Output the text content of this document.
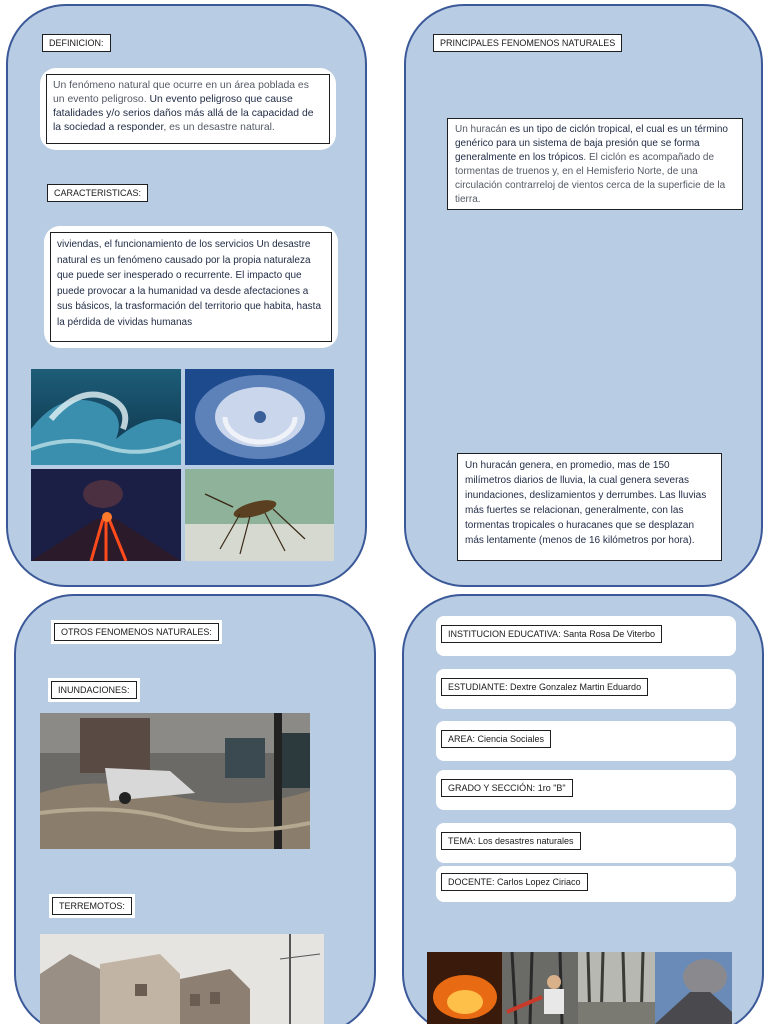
DEFINICION:
Un fenómeno natural que ocurre en un área poblada es un evento peligroso. Un evento peligroso que cause fatalidades y/o serios daños más allá de la capacidad de la sociedad a responder, es un desastre natural.
CARACTERISTICAS:
viviendas, el funcionamiento de los servicios Un desastre natural es un fenómeno causado por la propia naturaleza que puede ser inesperado o recurrente. El impacto que puede provocar a la humanidad va desde afectaciones a sus básicos, la trasformación del territorio que habita, hasta la pérdida de vividas humanas
PRINCIPALES FENOMENOS NATURALES
Un huracán es un tipo de ciclón tropical, el cual es un término genérico para un sistema de baja presión que se forma generalmente en los trópicos. El ciclón es acompañado de tormentas de truenos y, en el Hemisferio Norte, de una circulación contrarreloj de vientos cerca de la superficie de la tierra.
Un huracán genera, en promedio, mas de 150 milímetros diarios de lluvia, la cual genera severas inundaciones, deslizamientos y derrumbes. Las lluvias más fuertes se relacionan, generalmente, con las tormentas tropicales o huracanes que se desplazan más lentamente (menos de 16 kilómetros por hora).
OTROS FENOMENOS NATURALES:
INUNDACIONES:
TERREMOTOS:
INSTITUCION EDUCATIVA: Santa Rosa De Viterbo
ESTUDIANTE: Dextre Gonzalez Martin Eduardo
AREA: Ciencia Sociales
GRADO Y SECCIÓN: 1ro "B"
TEMA: Los desastres naturales
DOCENTE: Carlos Lopez Ciriaco
